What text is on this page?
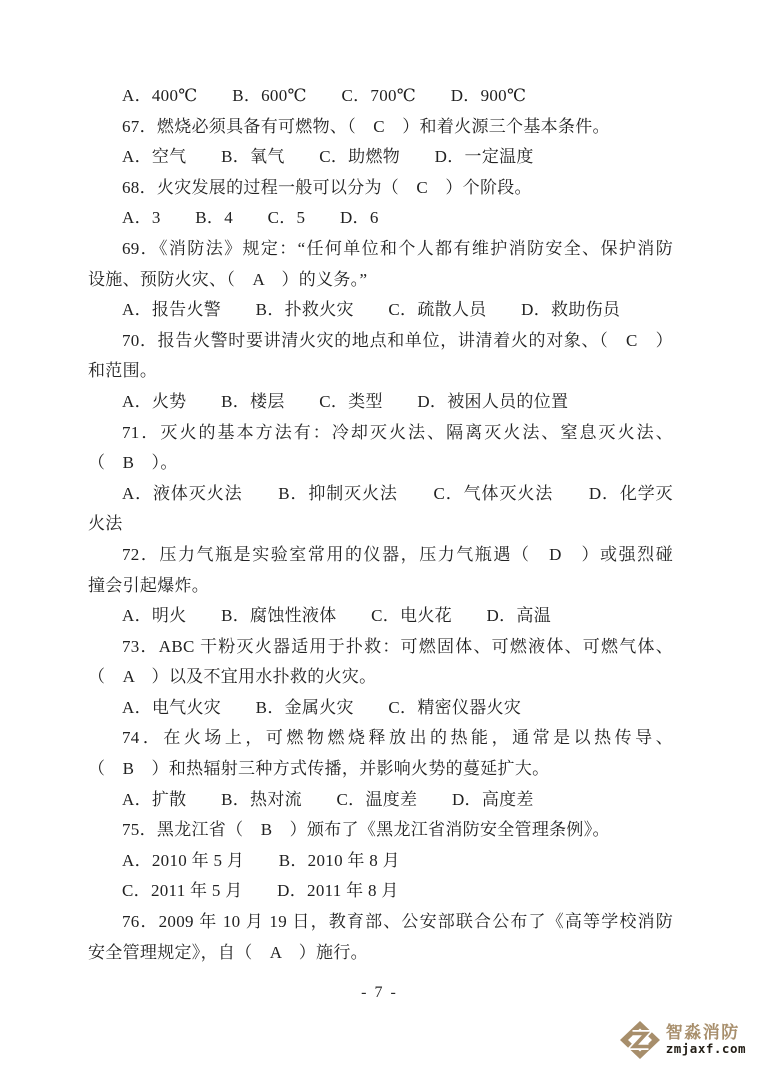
A．400℃　　B．600℃　　C．700℃　　D．900℃

67．燃烧必须具备有可燃物、（　C　）和着火源三个基本条件。

A．空气　　B．氧气　　C．助燃物　　D．一定温度

68．火灾发展的过程一般可以分为（　C　）个阶段。

A．3　　B．4　　C．5　　D．6

69．《消防法》规定：“任何单位和个人都有维护消防安全、保护消防

设施、预防火灾、（　A　）的义务。”

A．报告火警　　B．扑救火灾　　C．疏散人员　　D．救助伤员

70．报告火警时要讲清火灾的地点和单位，讲清着火的对象、（　C　）

和范围。

A．火势　　B．楼层　　C．类型　　D．被困人员的位置

71．灭火的基本方法有：冷却灭火法、隔离灭火法、窒息灭火法、

（　B　）。

A．液体灭火法　　B．抑制灭火法　　C．气体灭火法　　D．化学灭

火法

72．压力气瓶是实验室常用的仪器，压力气瓶遇（　D　）或强烈碰

撞会引起爆炸。

A．明火　　B．腐蚀性液体　　C．电火花　　D．高温

73．ABC 干粉灭火器适用于扑救：可燃固体、可燃液体、可燃气体、

（　A　）以及不宜用水扑救的火灾。

A．电气火灾　　B．金属火灾　　C．精密仪器火灾

74．在火场上，可燃物燃烧释放出的热能，通常是以热传导、

（　B　）和热辐射三种方式传播，并影响火势的蔓延扩大。

A．扩散　　B．热对流　　C．温度差　　D．高度差

75．黑龙江省（　B　）颁布了《黑龙江省消防安全管理条例》。

A．2010 年 5 月　　B．2010 年 8 月

C．2011 年 5 月　　D．2011 年 8 月

76．2009 年 10 月 19 日，教育部、公安部联合公布了《高等学校消防

安全管理规定》，自（　A　）施行。

- 7 -
智淼消防
zmjaxf.com
